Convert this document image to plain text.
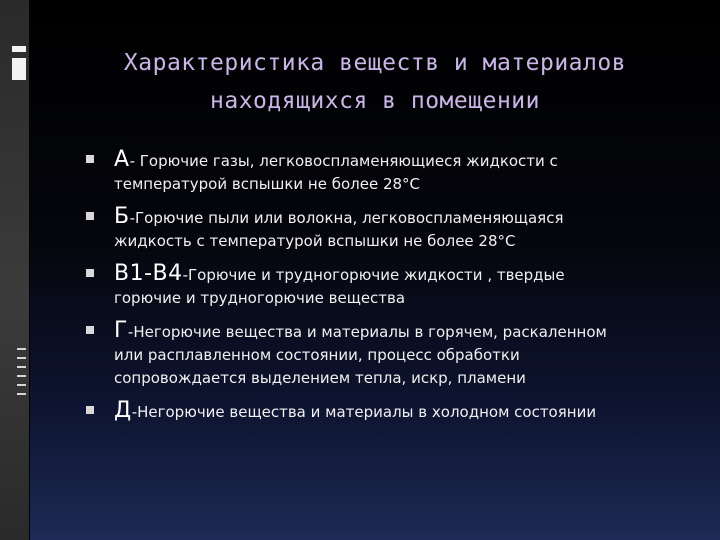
Характеристика веществ и материалов
находящихся в помещении
А- Горючие газы, легковоспламеняющиеся жидкости с
температурой вспышки не более 28°С
Б-Горючие пыли или волокна, легковоспламеняющаяся
жидкость с температурой вспышки не более 28°С
В1-В4-Горючие и трудногорючие жидкости , твердые
горючие и трудногорючие вещества
Г-Негорючие вещества и материалы в горячем, раскаленном
или расплавленном состоянии, процесс обработки
сопровождается выделением тепла, искр, пламени
Д-Негорючие вещества и материалы в холодном состоянии
